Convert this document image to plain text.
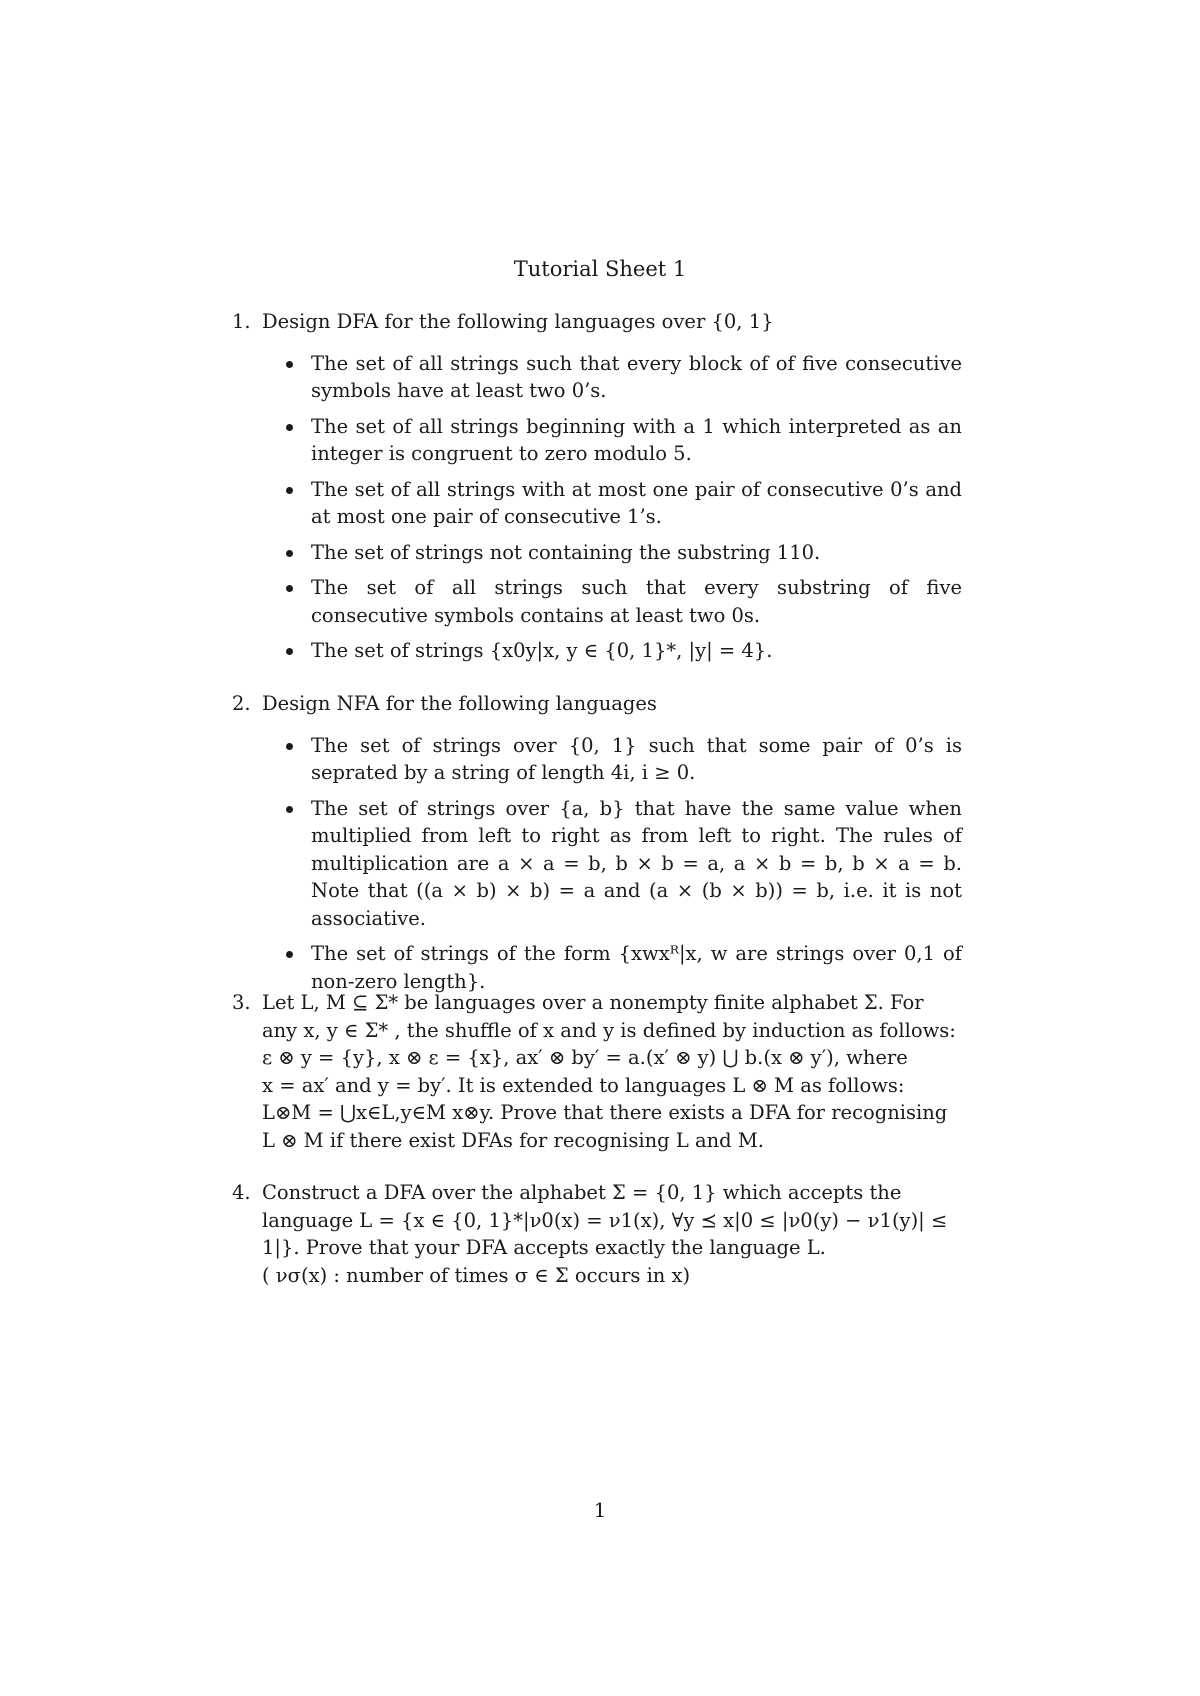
Tutorial Sheet 1
1. Design DFA for the following languages over {0, 1}
The set of all strings such that every block of of five consecutive symbols have at least two 0’s.
The set of all strings beginning with a 1 which interpreted as an integer is congruent to zero modulo 5.
The set of all strings with at most one pair of consecutive 0’s and at most one pair of consecutive 1’s.
The set of strings not containing the substring 110.
The set of all strings such that every substring of five consecutive symbols contains at least two 0s.
The set of strings {x0y|x, y ∈ {0, 1}*, |y| = 4}.
2. Design NFA for the following languages
The set of strings over {0, 1} such that some pair of 0’s is seprated by a string of length 4i, i ≥ 0.
The set of strings over {a, b} that have the same value when multiplied from left to right as from left to right. The rules of multiplication are a × a = b, b × b = a, a × b = b, b × a = b. Note that ((a × b) × b) = a and (a × (b × b)) = b, i.e. it is not associative.
The set of strings of the form {xwxᴿ|x, w are strings over 0,1 of non-zero length}.
3. Let L, M ⊆ Σ* be languages over a nonempty finite alphabet Σ. For
any x, y ∈ Σ* , the shuffle of x and y is defined by induction as follows:
ε ⊗ y = {y}, x ⊗ ε = {x}, ax′ ⊗ by′ = a.(x′ ⊗ y) ⋃ b.(x ⊗ y′), where
x = ax′ and y = by′. It is extended to languages L ⊗ M as follows:
L⊗M = ⋃x∈L,y∈M x⊗y. Prove that there exists a DFA for recognising
L ⊗ M if there exist DFAs for recognising L and M.
4. Construct a DFA over the alphabet Σ = {0, 1} which accepts the
language L = {x ∈ {0, 1}*|ν0(x) = ν1(x), ∀y ⪯ x|0 ≤ |ν0(y) − ν1(y)| ≤
1|}. Prove that your DFA accepts exactly the language L.
( νσ(x) : number of times σ ∈ Σ occurs in x)
1
